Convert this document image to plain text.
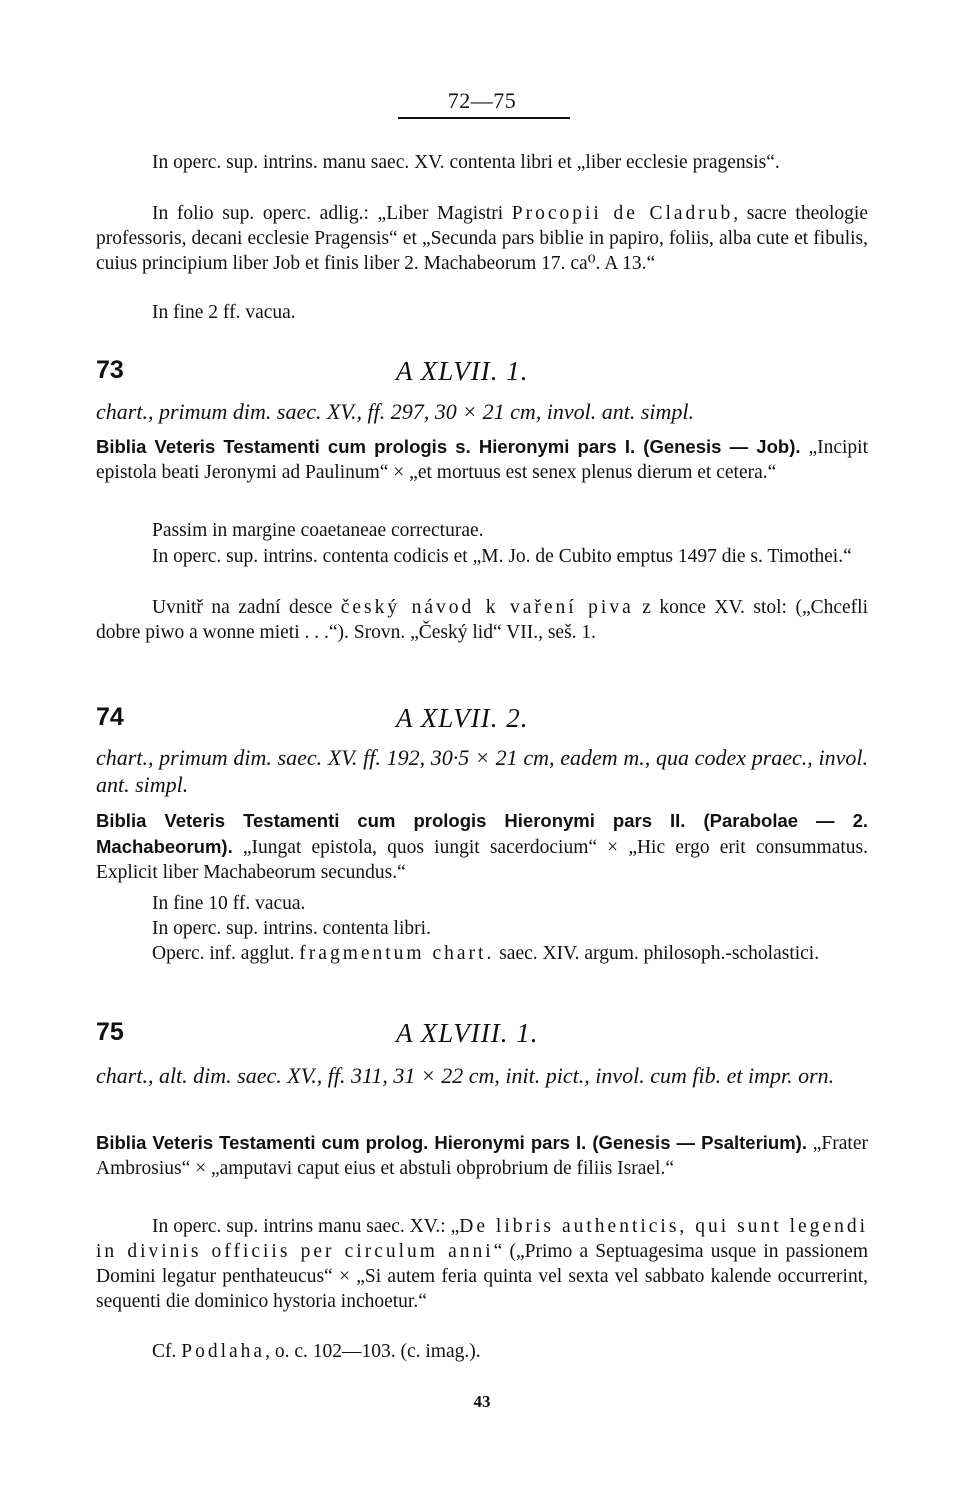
72—75
In operc. sup. intrins. manu saec. XV. contenta libri et „liber ecclesie pragensis“.
In folio sup. operc. adlig.: „Liber Magistri Procopii de Cladrub, sacre theologie professoris, decani ecclesie Pragensis“ et „Secunda pars biblie in papiro, foliis, alba cute et fibulis, cuius principium liber Job et finis liber 2. Machabeorum 17. ca⁰. A 13.“
In fine 2 ff. vacua.
73	A XLVII. 1.
chart., primum dim. saec. XV., ff. 297, 30 × 21 cm, invol. ant. simpl.
Biblia Veteris Testamenti cum prologis s. Hieronymi pars I. (Genesis — Job). „Incipit epistola beati Jeronymi ad Paulinum“ × „et mortuus est senex plenus dierum et cetera.“
Passim in margine coaetaneae correcturae.
In operc. sup. intrins. contenta codicis et „M. Jo. de Cubito emptus 1497 die s. Timothei.“
Uvnitř na zadní desce český návod k vaření piva z konce XV. stol: („Chcefli dobre piwo a wonne mieti . . .“). Srovn. „Český lid“ VII., seš. 1.
74	A XLVII. 2.
chart., primum dim. saec. XV. ff. 192, 30·5 × 21 cm, eadem m., qua codex praec., invol. ant. simpl.
Biblia Veteris Testamenti cum prologis Hieronymi pars II. (Parabolae — 2. Machabeorum). „Iungat epistola, quos iungit sacerdocium“ × „Hic ergo erit consummatus. Explicit liber Machabeorum secundus.“
In fine 10 ff. vacua.
In operc. sup. intrins. contenta libri.
Operc. inf. agglut. fragmentum chart. saec. XIV. argum. philosoph.-scholastici.
75	A XLVIII. 1.
chart., alt. dim. saec. XV., ff. 311, 31 × 22 cm, init. pict., invol. cum fib. et impr. orn.
Biblia Veteris Testamenti cum prolog. Hieronymi pars I. (Genesis — Psalterium). „Frater Ambrosius“ × „amputavi caput eius et abstuli obprobrium de filiis Israel.“
In operc. sup. intrins manu saec. XV.: „De libris authenticis, qui sunt legendi in divinis officiis per circulum anni“ („Primo a Septuagesima usque in passionem Domini legatur penthateucus“ × „Si autem feria quinta vel sexta vel sabbato kalende occurrerint, sequenti die dominico hystoria inchoetur.“
Cf. Podlaha, o. c. 102—103. (c. imag.).
43
